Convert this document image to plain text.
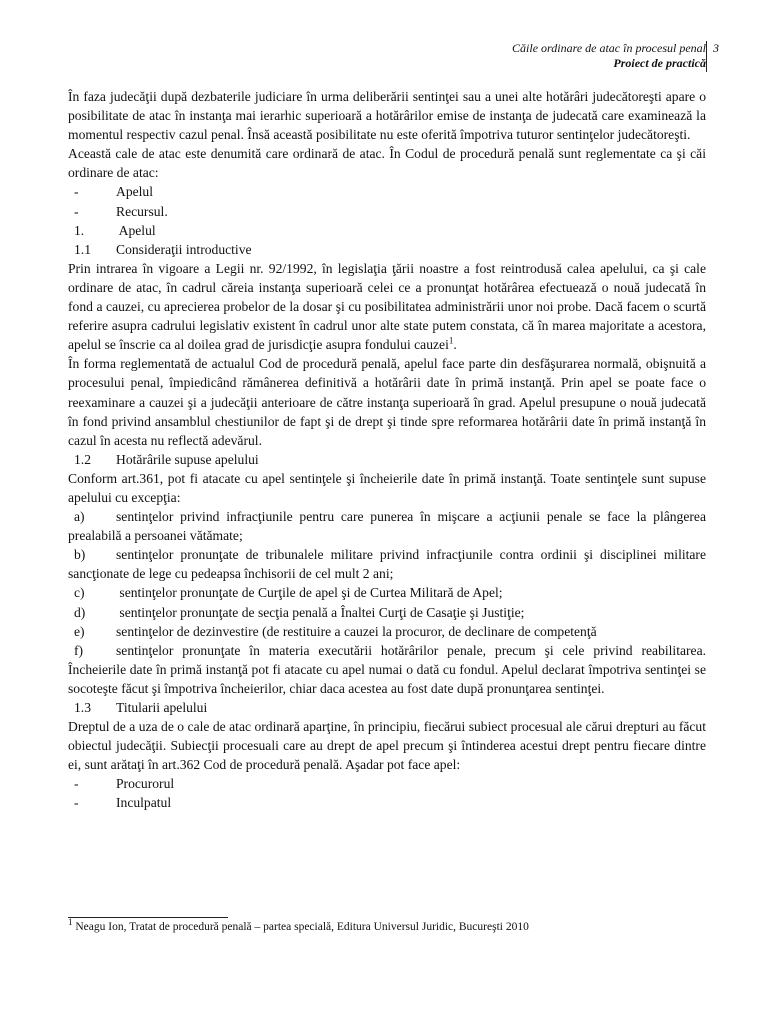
Căile ordinare de atac în procesul penal
Proiect de practică
3

În faza judecăţii după dezbaterile judiciare în urma deliberării sentinţei sau a unei alte hotărâri judecătoreşti apare o posibilitate de atac în instanţa mai ierarhic superioară a hotărârilor emise de instanţa de judecată care examinează la momentul respectiv cazul penal. Însă această posibilitate nu este oferită împotriva tuturor sentinţelor judecătoreşti.

Această cale de atac este denumită care ordinară de atac. În Codul de procedură penală sunt reglementate ca şi căi ordinare de atac:

-	Apelul
-	Recursul.
1.	Apelul
1.1	Consideraţii introductive

Prin intrarea în vigoare a Legii nr. 92/1992, în legislaţia ţării noastre a fost reintrodusă calea apelului, ca şi cale ordinare de atac, în cadrul căreia instanţa superioară celei ce a pronunţat hotărârea efectuează o nouă judecată în fond a cauzei, cu aprecierea probelor de la dosar şi cu posibilitatea administrării unor noi probe. Dacă facem o scurtă referire asupra cadrului legislativ existent în cadrul unor alte state putem constata, că în marea majoritate a acestora, apelul se înscrie ca al doilea grad de jurisdicţie asupra fondului cauzei$^1$.

În forma reglementată de actualul Cod de procedură penală, apelul face parte din desfăşurarea normală, obişnuită a procesului penal, împiedicând rămânerea definitivă a hotărârii date în primă instanţă. Prin apel se poate face o reexaminare a cauzei şi a judecăţii anterioare de către instanţa superioară în grad. Apelul presupune o nouă judecată în fond privind ansamblul chestiunilor de fapt şi de drept şi tinde spre reformarea hotărârii date în primă instanţă în cazul în acesta nu reflectă adevărul.

1.2	Hotărârile supuse apelului

Conform art.361, pot fi atacate cu apel sentinţele şi încheierile date în primă instanţă. Toate sentinţele sunt supuse apelului cu excepţia:

a) sentinţelor privind infracţiunile pentru care punerea în mişcare a acţiunii penale se face la plângerea prealabilă a persoanei vătămate;

b) sentinţelor pronunţate de tribunalele militare privind infracţiunile contra ordinii şi disciplinei militare sancţionate de lege cu pedeapsa închisorii de cel mult 2 ani;

c) sentinţelor pronunţate de Curţile de apel şi de Curtea Militară de Apel;

d) sentinţelor pronunţate de secţia penală a Înaltei Curţi de Casaţie şi Justiţie;

e) sentinţelor de dezinvestire (de restituire a cauzei la procuror, de declinare de competenţă

f) sentinţelor pronunţate în materia executării hotărârilor penale, precum şi cele privind reabilitarea. Încheierile date în primă instanţă pot fi atacate cu apel numai o dată cu fondul. Apelul declarat împotriva sentinţei se socoteşte făcut şi împotriva încheierilor, chiar daca acestea au fost date după pronunţarea sentinţei.

1.3	Titularii apelului

Dreptul de a uza de o cale de atac ordinară aparţine, în principiu, fiecărui subiect procesual ale cărui drepturi au făcut obiectul judecăţii. Subiecţii procesuali care au drept de apel precum şi întinderea acestui drept pentru fiecare dintre ei, sunt arătaţi în art.362 Cod de procedură penală. Aşadar pot face apel:

-	Procurorul
-	Inculpatul
$^1$ Neagu Ion, Tratat de procedură penală – partea specială, Editura Universul Juridic, Bucureşti 2010
